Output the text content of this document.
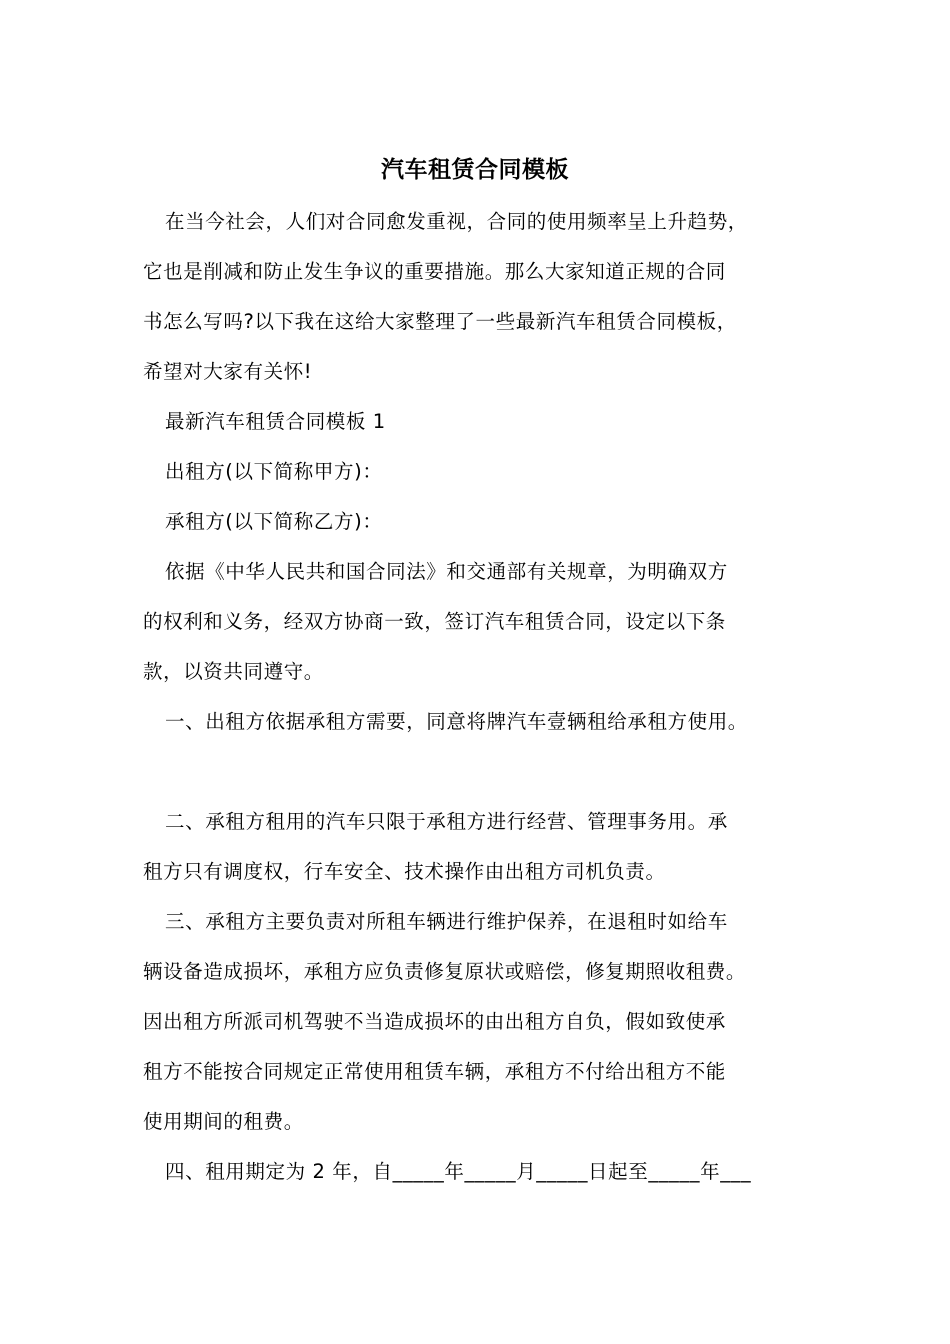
汽车租赁合同模板
在当今社会，人们对合同愈发重视，合同的使用频率呈上升趋势，
它也是削减和防止发生争议的重要措施。那么大家知道正规的合同
书怎么写吗?以下我在这给大家整理了一些最新汽车租赁合同模板，
希望对大家有关怀!
最新汽车租赁合同模板 1
出租方(以下简称甲方)：
承租方(以下简称乙方)：
依据《中华人民共和国合同法》和交通部有关规章，为明确双方
的权利和义务，经双方协商一致，签订汽车租赁合同，设定以下条
款，以资共同遵守。
一、出租方依据承租方需要，同意将牌汽车壹辆租给承租方使用。
二、承租方租用的汽车只限于承租方进行经营、管理事务用。承
租方只有调度权，行车安全、技术操作由出租方司机负责。
三、承租方主要负责对所租车辆进行维护保养，在退租时如给车
辆设备造成损坏，承租方应负责修复原状或赔偿，修复期照收租费。
因出租方所派司机驾驶不当造成损坏的由出租方自负，假如致使承
租方不能按合同规定正常使用租赁车辆，承租方不付给出租方不能
使用期间的租费。
四、租用期定为 2 年，自_____年_____月_____日起至_____年___
